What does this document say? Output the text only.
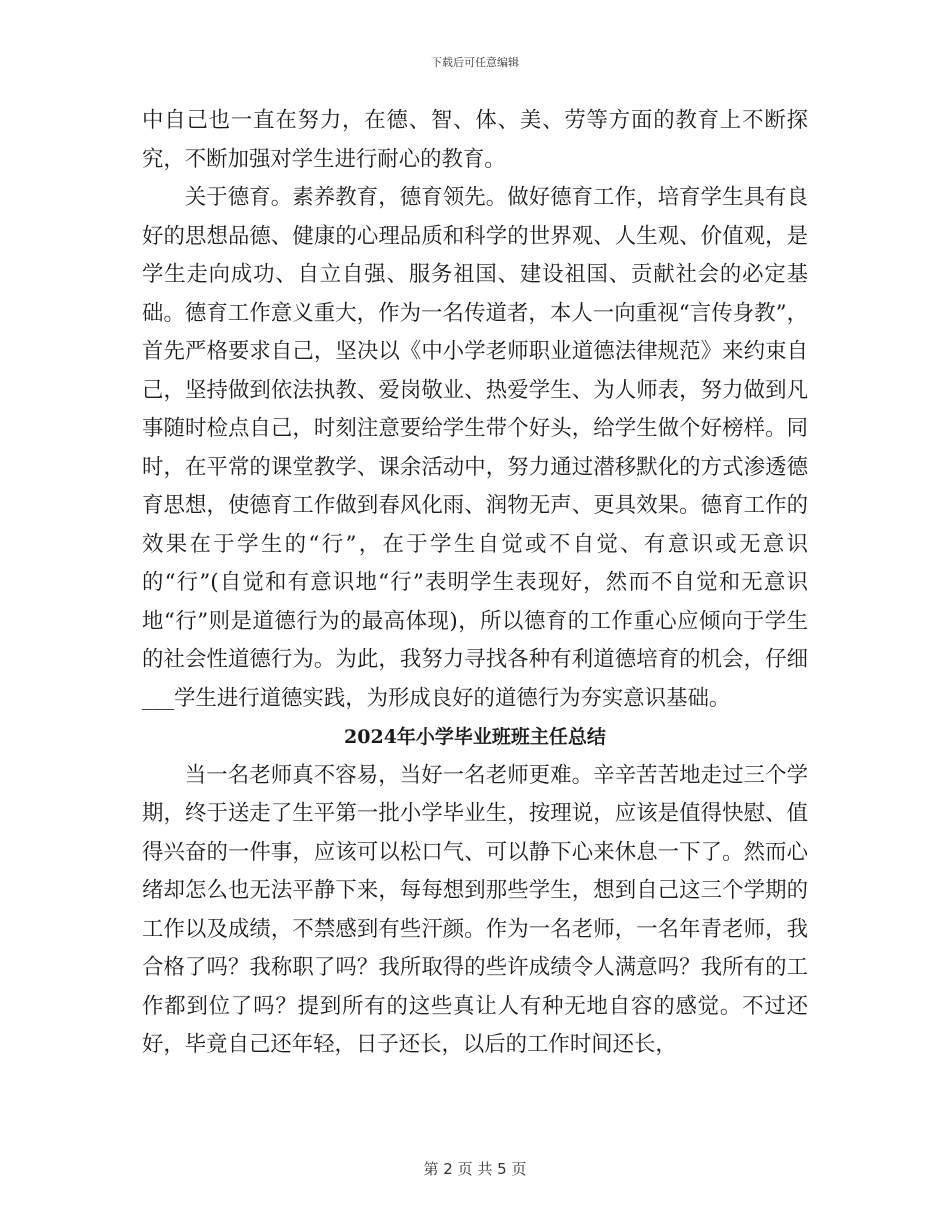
下载后可任意编辑

中自己也一直在努力，在德、智、体、美、劳等方面的教育上不断探究，不断加强对学生进行耐心的教育。

关于德育。素养教育，德育领先。做好德育工作，培育学生具有良好的思想品德、健康的心理品质和科学的世界观、人生观、价值观，是学生走向成功、自立自强、服务祖国、建设祖国、贡献社会的必定基础。德育工作意义重大，作为一名传道者，本人一向重视“言传身教”，首先严格要求自己，坚决以《中小学老师职业道德法律规范》来约束自己，坚持做到依法执教、爱岗敬业、热爱学生、为人师表，努力做到凡事随时检点自己，时刻注意要给学生带个好头，给学生做个好榜样。同时，在平常的课堂教学、课余活动中，努力通过潜移默化的方式渗透德育思想，使德育工作做到春风化雨、润物无声、更具效果。德育工作的效果在于学生的“行”，在于学生自觉或不自觉、有意识或无意识的“行”(自觉和有意识地“行”表明学生表现好，然而不自觉和无意识地“行”则是道德行为的最高体现)，所以德育的工作重心应倾向于学生的社会性道德行为。为此，我努力寻找各种有利道德培育的机会，仔细___学生进行道德实践，为形成良好的道德行为夯实意识基础。

2024年小学毕业班班主任总结

当一名老师真不容易，当好一名老师更难。辛辛苦苦地走过三个学期，终于送走了生平第一批小学毕业生，按理说，应该是值得快慰、值得兴奋的一件事，应该可以松口气、可以静下心来休息一下了。然而心绪却怎么也无法平静下来，每每想到那些学生，想到自己这三个学期的工作以及成绩，不禁感到有些汗颜。作为一名老师，一名年青老师，我合格了吗？我称职了吗？我所取得的些许成绩令人满意吗？我所有的工作都到位了吗？提到所有的这些真让人有种无地自容的感觉。不过还好，毕竟自己还年轻，日子还长，以后的工作时间还长，

第 2 页 共 5 页
